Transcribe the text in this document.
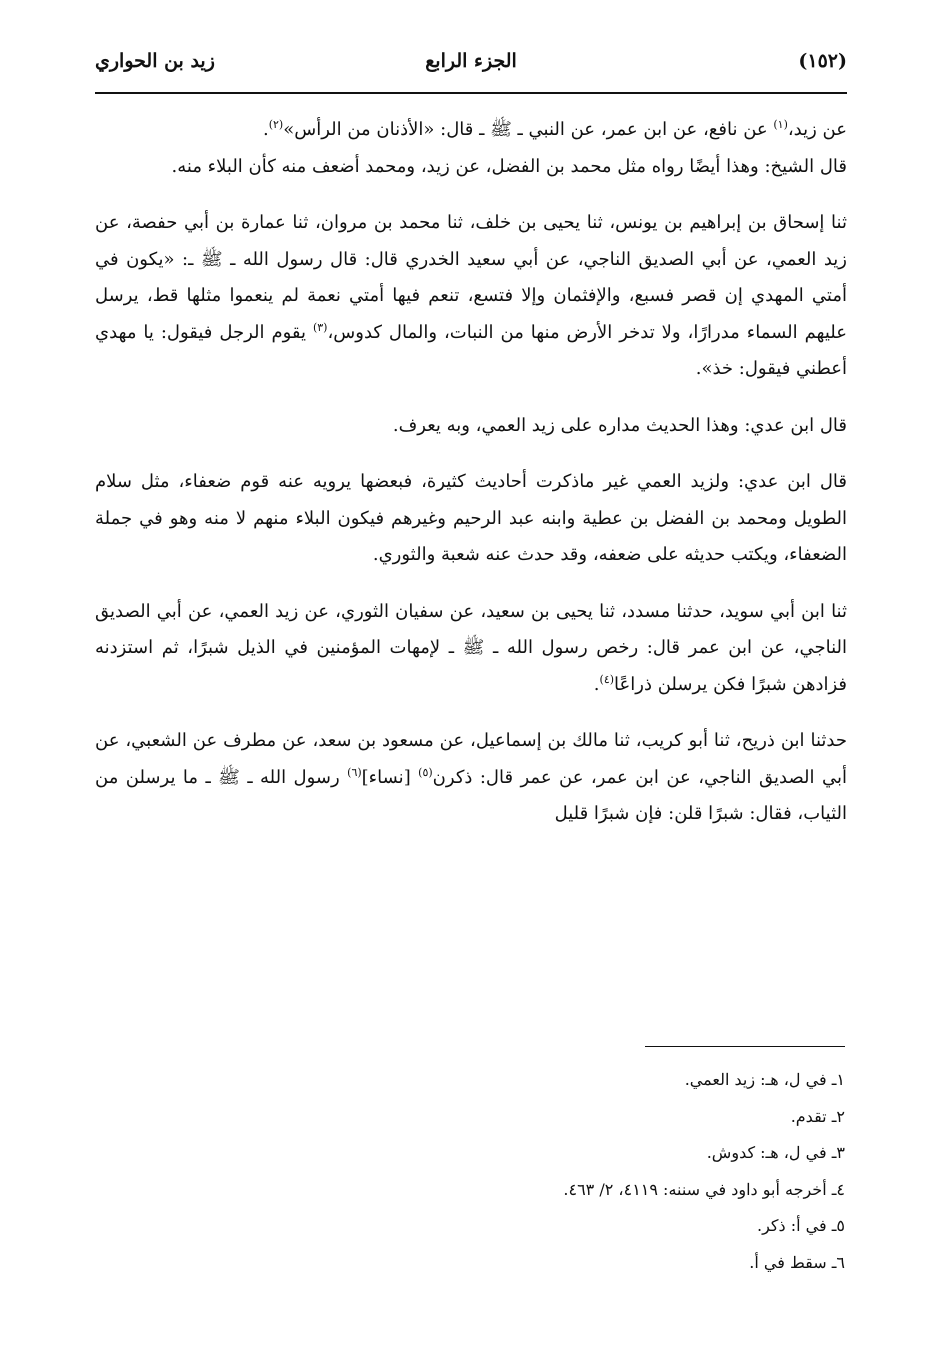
(١٥٢)
الجزء الرابع
زيد بن الحواري

عن زيد،$^{(١)}$ عن نافع، عن ابن عمر، عن النبي ـ ﷺ ـ قال: «الأذنان من الرأس»$^{(٢)}$.
قال الشيخ: وهذا أيضًا رواه مثل محمد بن الفضل، عن زيد، ومحمد أضعف منه كأن البلاء منه.

ثنا إسحاق بن إبراهيم بن يونس، ثنا يحيى بن خلف، ثنا محمد بن مروان، ثنا عمارة بن أبي حفصة، عن زيد العمي، عن أبي الصديق الناجي، عن أبي سعيد الخدري قال: قال رسول الله ـ ﷺ ـ: «يكون في أمتي المهدي إن قصر فسبع، والإفثمان وإلا فتسع، تنعم فيها أمتي نعمة لم ينعموا مثلها قط، يرسل عليهم السماء مدرارًا، ولا تدخر الأرض منها من النبات، والمال كدوس،$^{(٣)}$ يقوم الرجل فيقول: يا مهدي أعطني فيقول: خذ».

قال ابن عدي: وهذا الحديث مداره على زيد العمي، وبه يعرف.

قال ابن عدي: ولزيد العمي غير ماذكرت أحاديث كثيرة، فبعضها يرويه عنه قوم ضعفاء، مثل سلام الطويل ومحمد بن الفضل بن عطية وابنه عبد الرحيم وغيرهم فيكون البلاء منهم لا منه وهو في جملة الضعفاء، ويكتب حديثه على ضعفه، وقد حدث عنه شعبة والثوري.

ثنا ابن أبي سويد، حدثنا مسدد، ثنا يحيى بن سعيد، عن سفيان الثوري، عن زيد العمي، عن أبي الصديق الناجي، عن ابن عمر قال: رخص رسول الله ـ ﷺ ـ لإمهات المؤمنين في الذيل شبرًا، ثم استزدنه فزادهن شبرًا فكن يرسلن ذراعًا$^{(٤)}$.

حدثنا ابن ذريح، ثنا أبو كريب، ثنا مالك بن إسماعيل، عن مسعود بن سعد، عن مطرف عن الشعبي، عن أبي الصديق الناجي، عن ابن عمر، عن عمر قال: ذكرن$^{(٥)}$ [نساء]$^{(٦)}$ رسول الله ـ ﷺ ـ ما يرسلن من الثياب، فقال: شبرًا قلن: فإن شبرًا قليل

١ـ في ل، هـ: زيد العمي.
٢ـ تقدم.
٣ـ في ل، هـ: كدوش.
٤ـ أخرجه أبو داود في سننه: ٤١١٩، ٢/ ٤٦٣.
٥ـ في أ: ذكر.
٦ـ سقط في أ.
